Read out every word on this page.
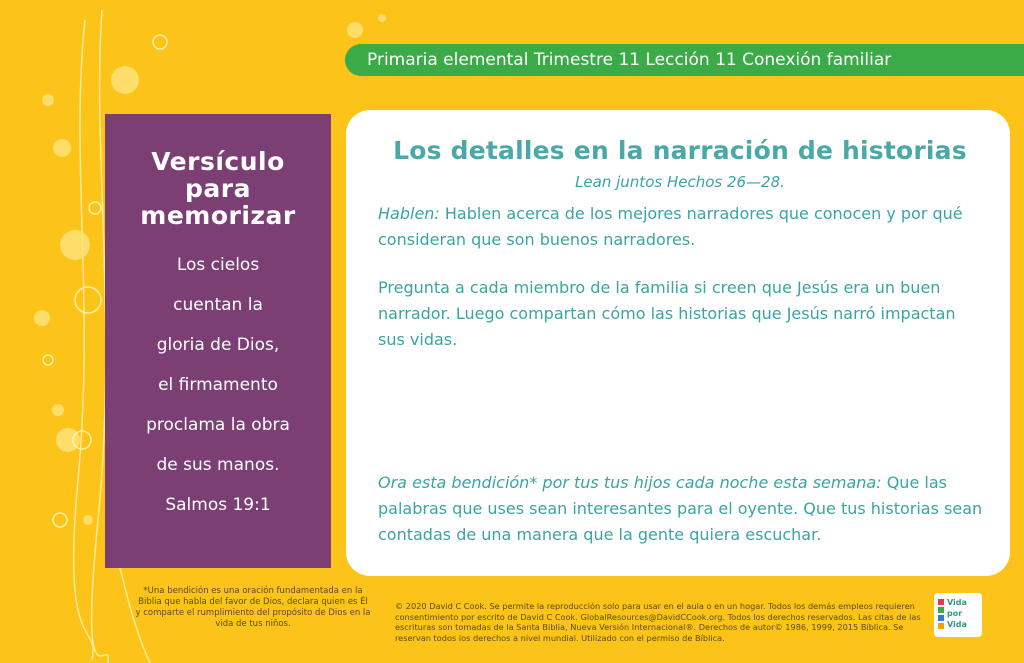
Primaria elemental Trimestre 11 Lección 11 Conexión familiar
Versículo
para
memorizar
Los cielos
cuentan la
gloria de Dios,
el firmamento
proclama la obra
de sus manos.
Salmos 19:1
Los detalles en la narración de historias
Lean juntos Hechos 26—28.

Hablen: Hablen acerca de los mejores narradores que conocen y por qué consideran que son buenos narradores.

Pregunta a cada miembro de la familia si creen que Jesús era un buen narrador. Luego compartan cómo las historias que Jesús narró impactan sus vidas.

Ora esta bendición* por tus tus hijos cada noche esta semana: Que las palabras que uses sean interesantes para el oyente. Que tus historias sean contadas de una manera que la gente quiera escuchar.

*Una bendición es una oración fundamentada en la Biblia que habla del favor de Dios, declara quien es Él y comparte el rumplimiento del propósito de Dios en la vida de tus niños.
© 2020 David C Cook. Se permite la reproducción solo para usar en el aula o en un hogar. Todos los demás empleos requieren consentimiento por escrito de David C Cook. GlobalResources@DavidCCook.org. Todos los derechos reservados. Las citas de las escrituras son tomadas de la Santa Biblia, Nueva Versión Internacional®. Derechos de autor© 1986, 1999, 2015 Bíblica. Se reservan todos los derechos a nivel mundial. Utilizado con el permiso de Bíblica.
Vida
por
Vida
